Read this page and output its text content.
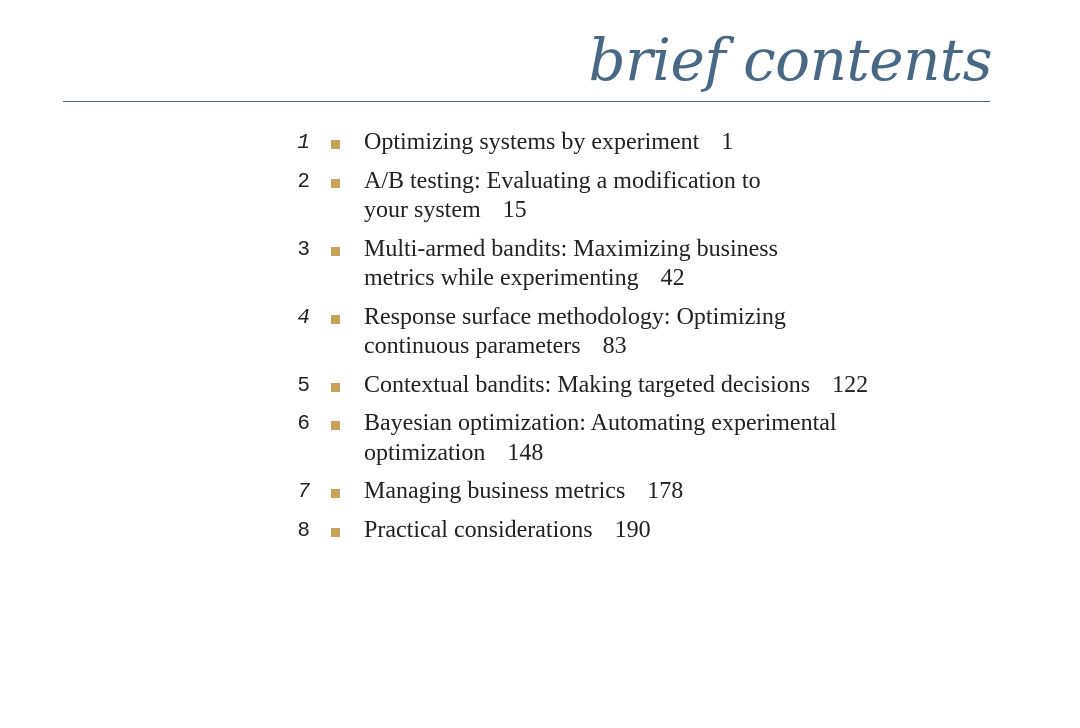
brief contents
1 Optimizing systems by experiment 1
2 A/B testing: Evaluating a modification to
your system 15
3 Multi-armed bandits: Maximizing business
metrics while experimenting 42
4 Response surface methodology: Optimizing
continuous parameters 83
5 Contextual bandits: Making targeted decisions 122
6 Bayesian optimization: Automating experimental
optimization 148
7 Managing business metrics 178
8 Practical considerations 190
